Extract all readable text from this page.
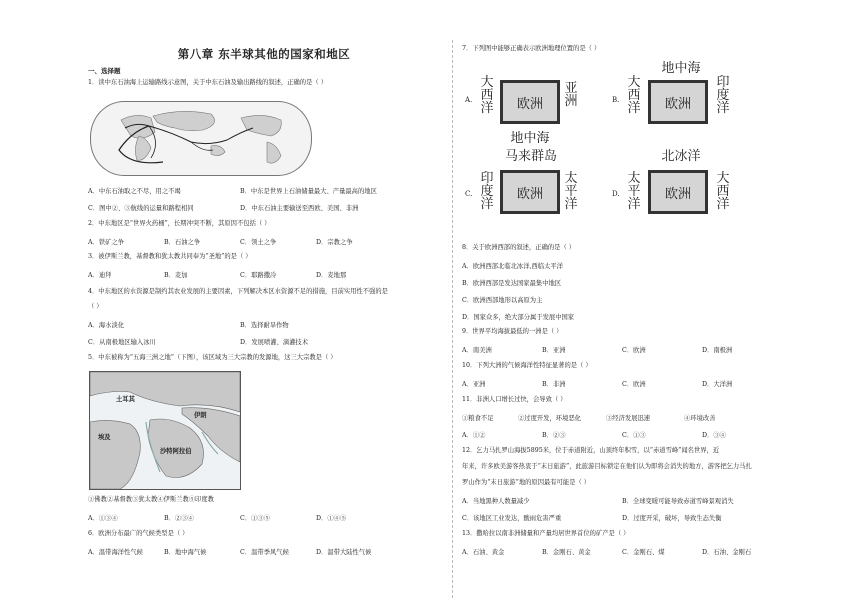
第八章 东半球其他的国家和地区
一、选择题
1．读中东石油海上运输路线示意图，关于中东石油及输出路线的叙述，正确的是（ ）
A．中东石油取之不尽，用之不竭	B．中东是世界上石油储量最大、产量最高的地区
C．图中②、③航线的运量和路程相同	D．中东石油主要输送至西欧、美国、非洲
2．中东地区是“世界火药桶”，长期冲突不断，其原因不包括（ ）
A．铁矿之争	B．石油之争	C．领土之争	D．宗教之争
3．被伊斯兰教，基督教和犹太教共同奉为“圣地”的是（ ）
A．迪拜	B．麦加	C．耶路撒冷	D．麦地那
4．中东地区的水资源是制约其农业发展的主要因素，下列解决本区水资源不足的措施，目前实用性不强的是
（ ）
A．海水淡化	B．选择耐旱作物
C．从南极地区输入冰川	D．发展喷灌、滴灌技术
5．中东被称为“五海三洲之地”（下图），该区域为三大宗教的发源地，这三大宗教是（ ）
土耳其
伊朗
埃及
沙特阿拉伯
①佛教②基督教③犹太教④伊斯兰教⑤印度教
A．①③④	B．②③④	C．①③⑤	D．①④⑤
6．欧洲分布最广的气候类型是（ ）
A．温带海洋性气候	B．地中海气候	C．温带季风气候	D．温带大陆性气候
7．下列图中能够正确表示欧洲地理位置的是（ ）
A.
大西洋	欧洲
亚洲
地中海
B.
地中海
大西洋	欧洲
印度洋
C.
马来群岛
印度洋
欧洲
太平洋
D.
北冰洋
太平洋
欧洲
大西洋
8．关于欧洲西部的叙述，正确的是（ ）
A．欧洲西部北临北冰洋,西临太平洋
B．欧洲西部是发达国家最集中地区
C．欧洲西部地形以高原为主
D．国家众多，绝大部分属于发展中国家
9．世界平均海拔最低的一洲是（ ）
A．南美洲	B．亚洲	C．欧洲	D．南极洲
10．下列大洲的气候海洋性特征显著的是（ ）
A．亚洲	B．非洲	C．欧洲	D．大洋洲
11．非洲人口增长过快，会导致（ ）
①粮食不足	②过度开发，环境恶化	③经济发展迅速	④环境改善
A．①②	B．②③	C．①③	D．③④
12．乞力马扎罗山海拔5895米，位于赤道附近，山顶终年积雪，以“赤道雪峰”闻名世界，近
年来，许多欧美游客热衷于“末日旅游”，此旅游目标锁定在他们认为即将会消失的地方，游客把乞力马扎
罗山作为“末日旅游”地的原因最有可能是（ ）
A．当地黑种人数量减少	B．全球变暖可能导致赤道雪峰景观消失
C．该地区工业发达，酸雨危害严重	D．过度开采，破坏，导致生态失衡
13．撒哈拉以南非洲储量和产量均居世界首位的矿产是（ ）
A．石油、黄金	B．金刚石、黄金	C．金刚石、煤	D．石油、金刚石
